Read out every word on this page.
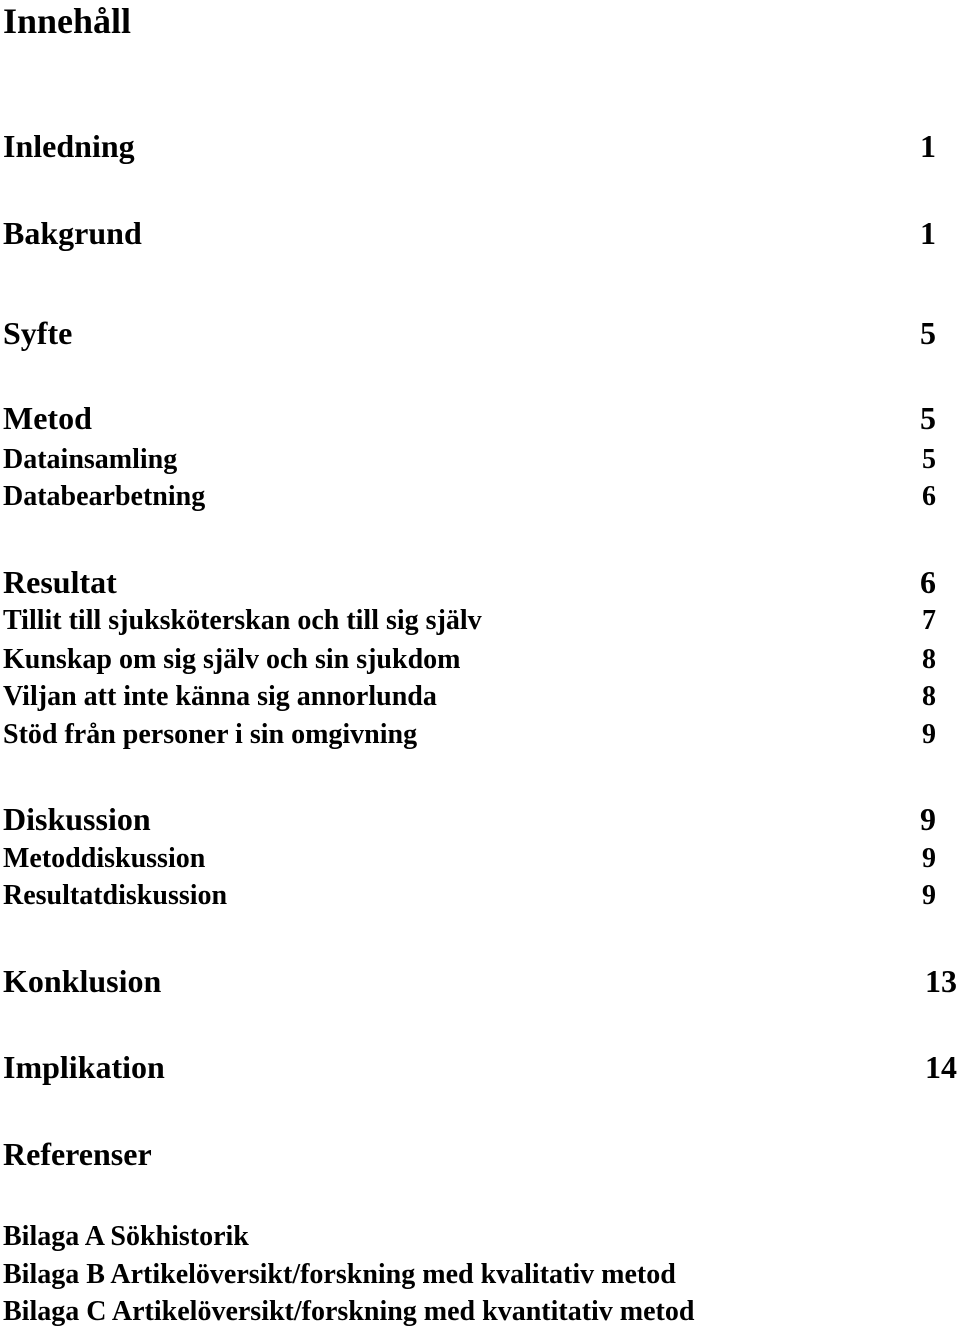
Innehåll
Inledning	1
Bakgrund	1
Syfte	5
Metod	5
Datainsamling	5
Databearbetning	6
Resultat	6
Tillit till sjuksköterskan och till sig själv	7
Kunskap om sig själv och sin sjukdom	8
Viljan att inte känna sig annorlunda	8
Stöd från personer i sin omgivning	9
Diskussion	9
Metoddiskussion	9
Resultatdiskussion	9
Konklusion	13
Implikation	14
Referenser
Bilaga A Sökhistorik
Bilaga B Artikelöversikt/forskning med kvalitativ metod
Bilaga C Artikelöversikt/forskning med kvantitativ metod
